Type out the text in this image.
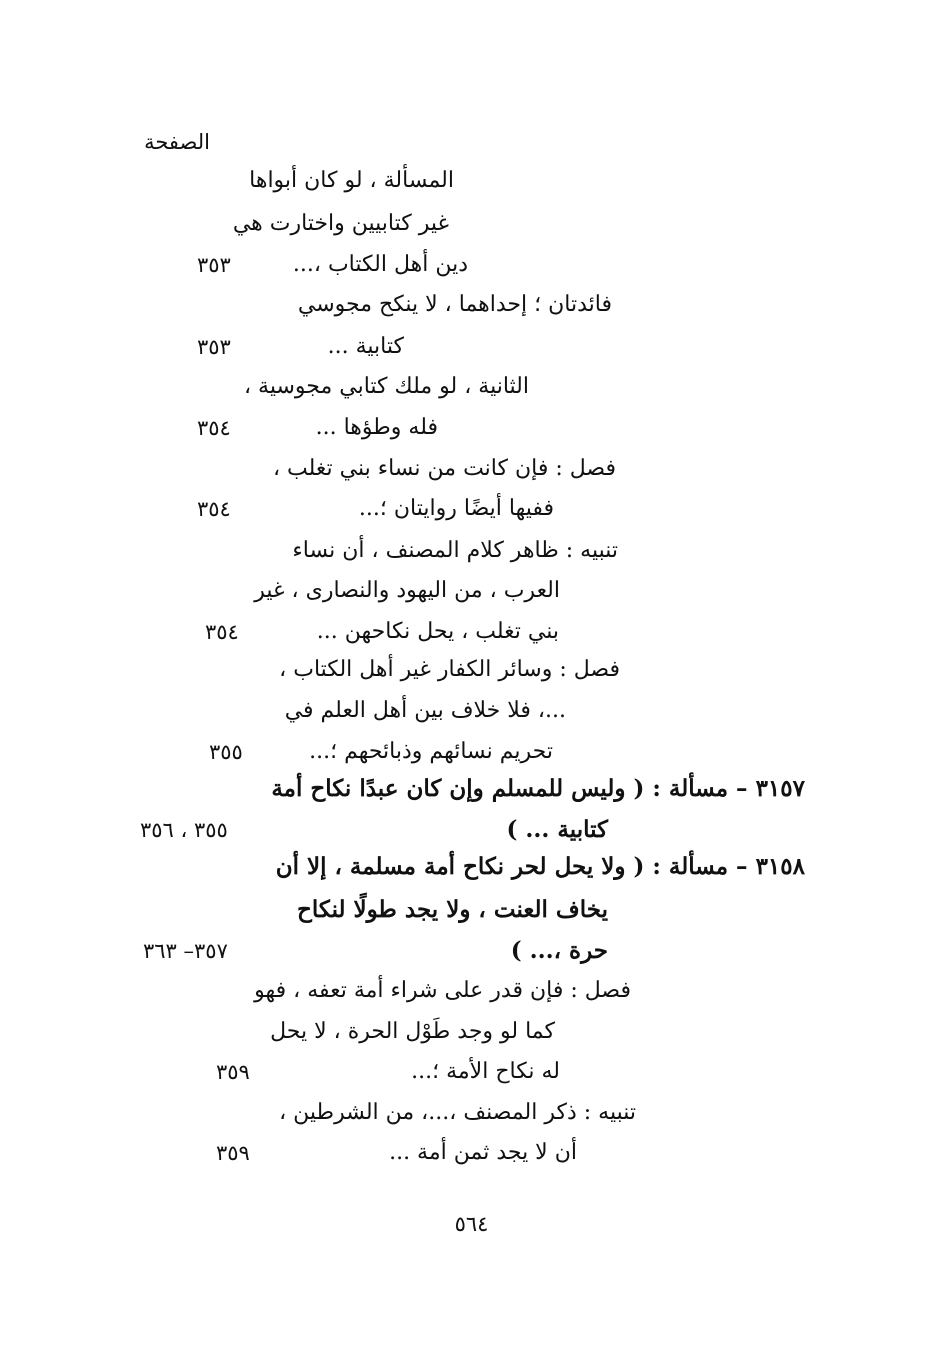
الصفحة
المسألة ، لو كان أبواها
غير كتابيين واختارت هي
دين أهل الكتاب ،...
٣٥٣
فائدتان ؛ إحداهما ، لا ينكح مجوسي
كتابية ...
٣٥٣
الثانية ، لو ملك كتابي مجوسية ،
فله وطؤها ...
٣٥٤
فصل : فإن كانت من نساء بني تغلب ،
ففيها أيضًا روايتان ؛...
٣٥٤
تنبيه : ظاهر كلام المصنف ، أن نساء
العرب ، من اليهود والنصارى ، غير
بني تغلب ، يحل نكاحهن ...
٣٥٤
فصل : وسائر الكفار غير أهل الكتاب ،
...، فلا خلاف بين أهل العلم في
تحريم نسائهم وذبائحهم ؛...
٣٥٥
٣١٥٧ – مسألة : ( وليس للمسلم وإن كان عبدًا نكاح أمة
كتابية ... )
٣٥٥ ، ٣٥٦
٣١٥٨ – مسألة : ( ولا يحل لحر نكاح أمة مسلمة ، إلا أن
يخاف العنت ، ولا يجد طولًا لنكاح
حرة ،... )
٣٥٧– ٣٦٣
فصل : فإن قدر على شراء أمة تعفه ، فهو
كما لو وجد طَوْل الحرة ، لا يحل
له نكاح الأمة ؛...
٣٥٩
تنبيه : ذكر المصنف ،...، من الشرطين ،
أن لا يجد ثمن أمة ...
٣٥٩
٥٦٤
